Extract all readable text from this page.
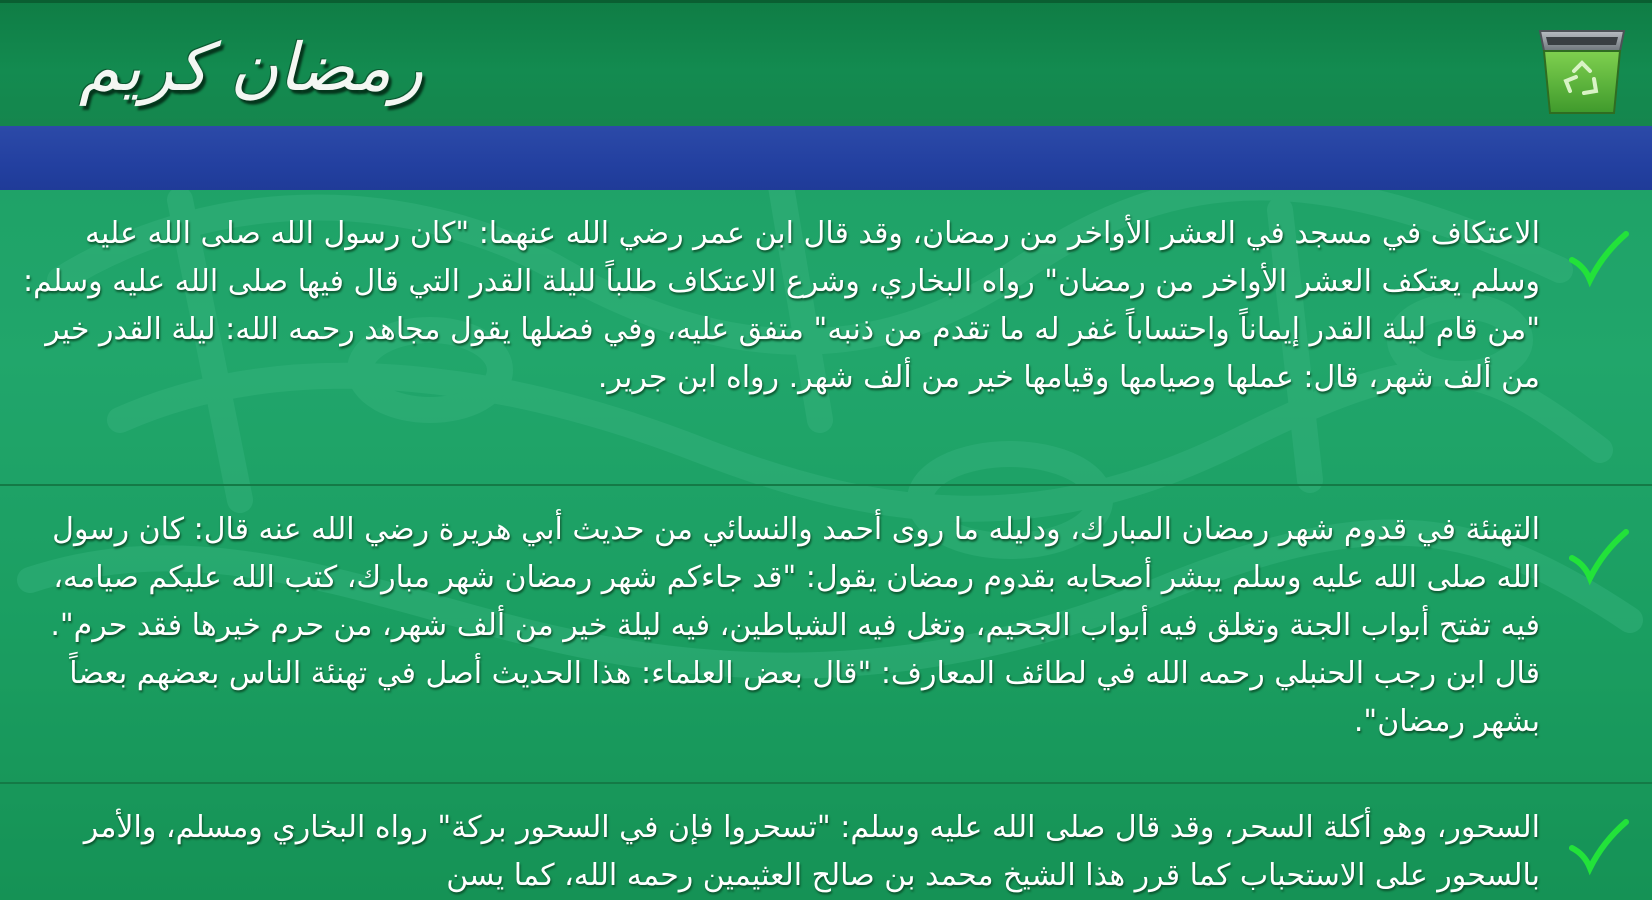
رمضان كريم
الاعتكاف في مسجد في العشر الأواخر من رمضان، وقد قال ابن عمر رضي الله عنهما: "كان رسول الله صلى الله عليه وسلم يعتكف العشر الأواخر من رمضان" رواه البخاري، وشرع الاعتكاف طلباً لليلة القدر التي قال فيها صلى الله عليه وسلم: "من قام ليلة القدر إيماناً واحتساباً غفر له ما تقدم من ذنبه" متفق عليه، وفي فضلها يقول مجاهد رحمه الله: ليلة القدر خير من ألف شهر، قال: عملها وصيامها وقيامها خير من ألف شهر. رواه ابن جرير.
التهنئة في قدوم شهر رمضان المبارك، ودليله ما روى أحمد والنسائي من حديث أبي هريرة رضي الله عنه قال: كان رسول الله صلى الله عليه وسلم يبشر أصحابه بقدوم رمضان يقول: "قد جاءكم شهر رمضان شهر مبارك، كتب الله عليكم صيامه، فيه تفتح أبواب الجنة وتغلق فيه أبواب الجحيم، وتغل فيه الشياطين، فيه ليلة خير من ألف شهر، من حرم خيرها فقد حرم". قال ابن رجب الحنبلي رحمه الله في لطائف المعارف: "قال بعض العلماء: هذا الحديث أصل في تهنئة الناس بعضهم بعضاً بشهر رمضان".
السحور، وهو أكلة السحر، وقد قال صلى الله عليه وسلم: "تسحروا فإن في السحور بركة" رواه البخاري ومسلم، والأمر بالسحور على الاستحباب كما قرر هذا الشيخ محمد بن صالح العثيمين رحمه الله، كما يسن
